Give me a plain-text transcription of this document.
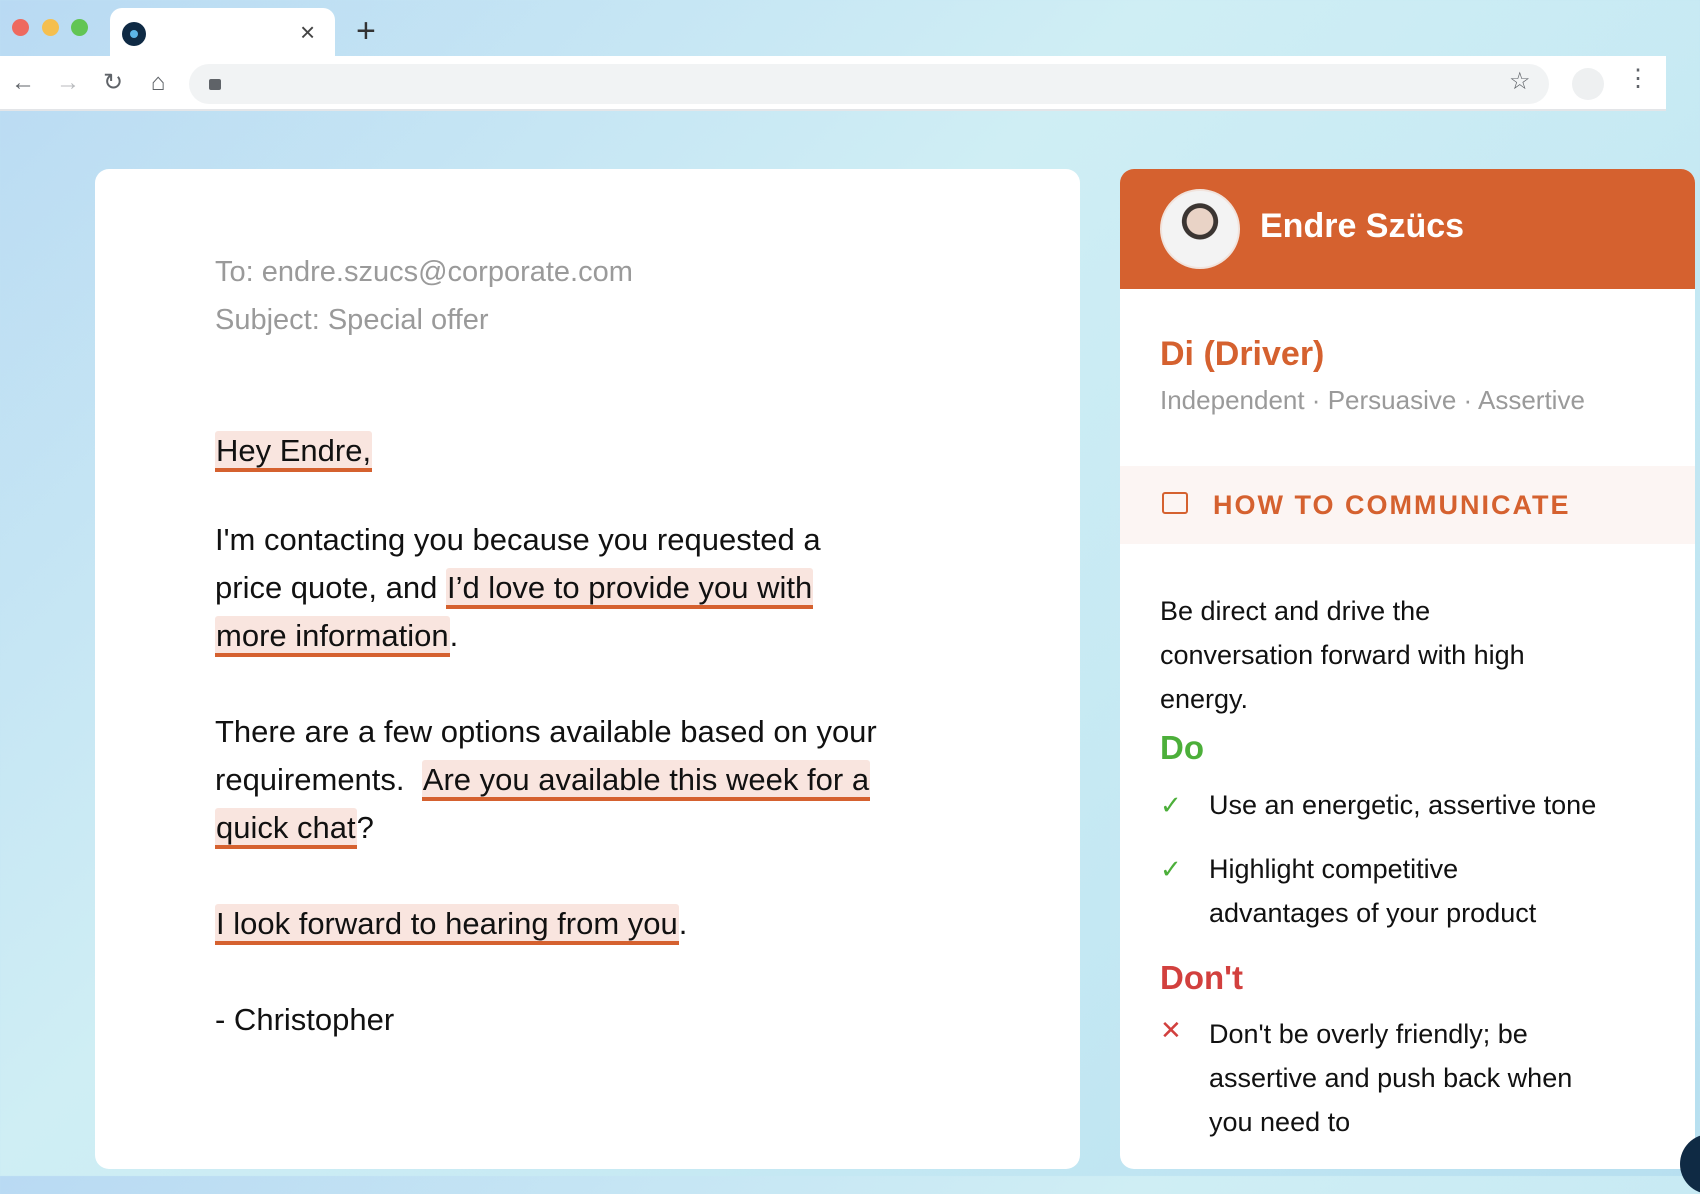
× +
← → ↻	⌂	☆	⋮
To: endre.szucs@corporate.com
Subject: Special offer
Hey Endre,
I'm contacting you because you requested a
price quote, and I’d love to provide you with
more information.
There are a few options available based on your
requirements.  Are you available this week for a
quick chat?
I look forward to hearing from you.
- Christopher
Endre Szücs
Di (Driver)
Independent · Persuasive · Assertive
HOW TO COMMUNICATE
Be direct and drive the
conversation forward with high
energy.
Do
✓ Use an energetic, assertive tone
✓ Highlight competitive
advantages of your product
Don't
✕ Don't be overly friendly; be
assertive and push back when
you need to
